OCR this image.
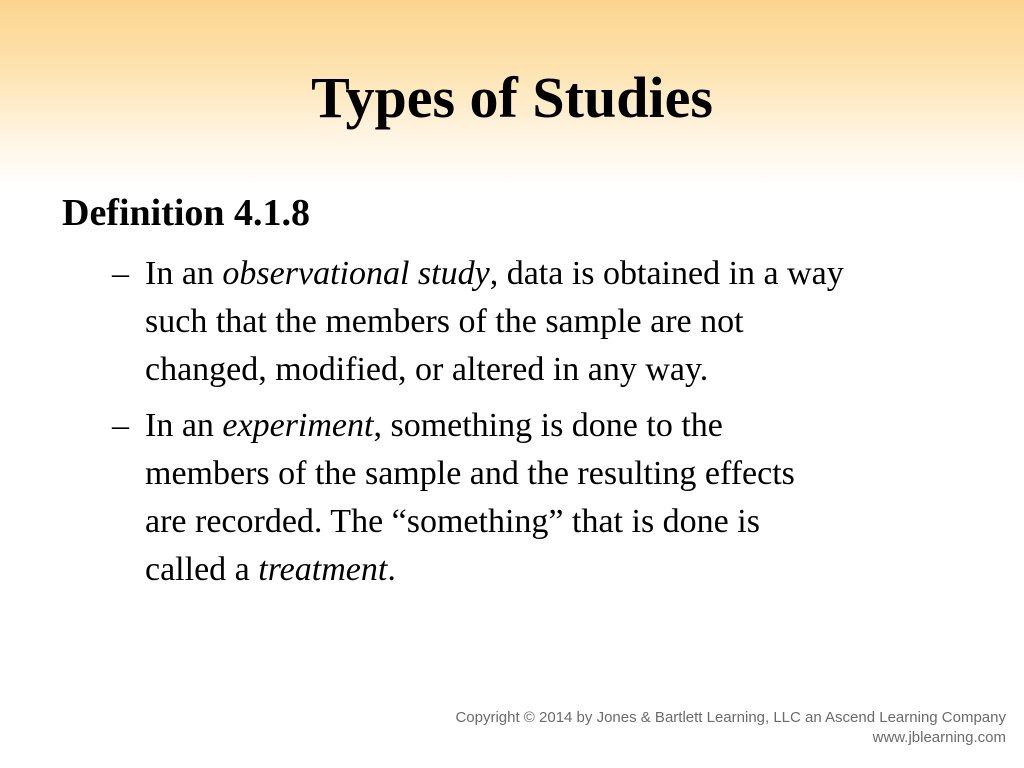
Types of Studies
Definition 4.1.8
– In an observational study, data is obtained in a way
such that the members of the sample are not
changed, modified, or altered in any way.
– In an experiment, something is done to the
members of the sample and the resulting effects
are recorded. The “something” that is done is
called a treatment.
Copyright © 2014 by Jones & Bartlett Learning, LLC an Ascend Learning Company
www.jblearning.com
